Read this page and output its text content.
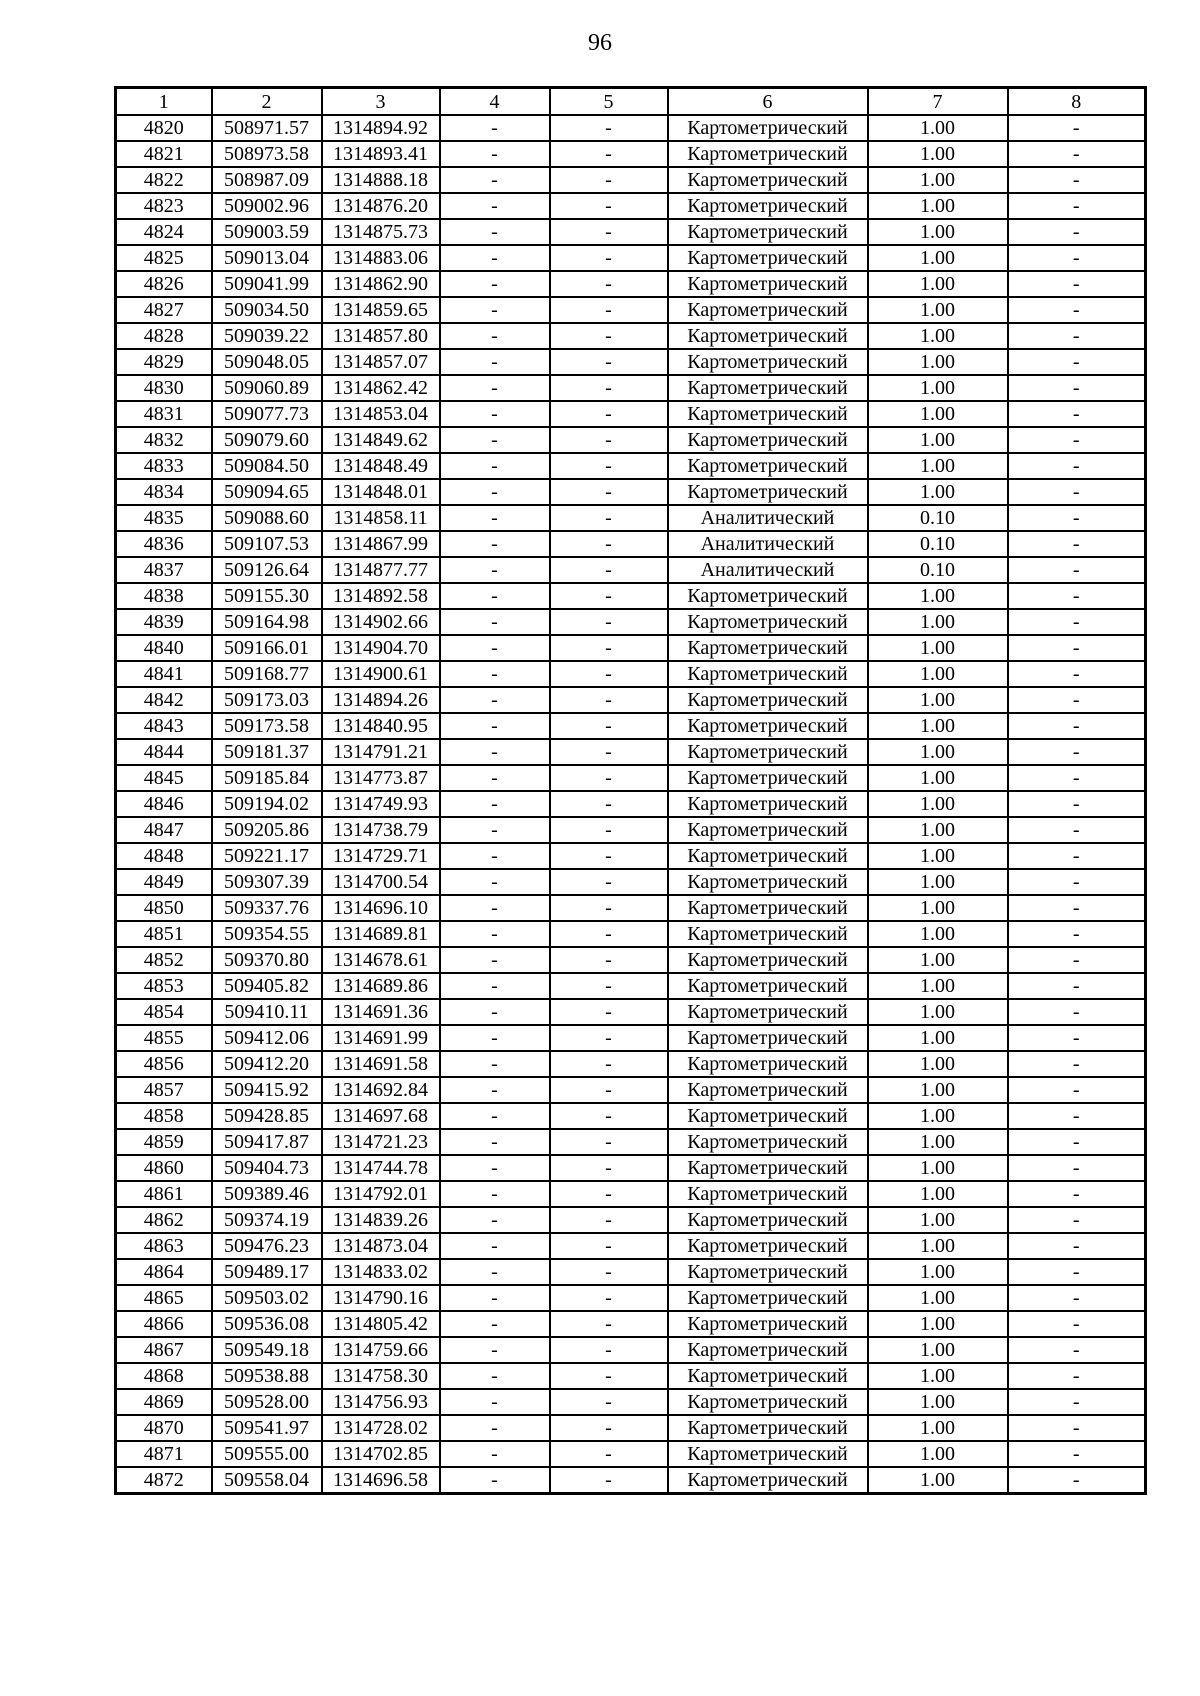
96
1	2	3	4	5	6	7	8
4820	508971.57	1314894.92	-	-	Картометрический	1.00	-
4821	508973.58	1314893.41	-	-	Картометрический	1.00	-
4822	508987.09	1314888.18	-	-	Картометрический	1.00	-
4823	509002.96	1314876.20	-	-	Картометрический	1.00	-
4824	509003.59	1314875.73	-	-	Картометрический	1.00	-
4825	509013.04	1314883.06	-	-	Картометрический	1.00	-
4826	509041.99	1314862.90	-	-	Картометрический	1.00	-
4827	509034.50	1314859.65	-	-	Картометрический	1.00	-
4828	509039.22	1314857.80	-	-	Картометрический	1.00	-
4829	509048.05	1314857.07	-	-	Картометрический	1.00	-
4830	509060.89	1314862.42	-	-	Картометрический	1.00	-
4831	509077.73	1314853.04	-	-	Картометрический	1.00	-
4832	509079.60	1314849.62	-	-	Картометрический	1.00	-
4833	509084.50	1314848.49	-	-	Картометрический	1.00	-
4834	509094.65	1314848.01	-	-	Картометрический	1.00	-
4835	509088.60	1314858.11	-	-	Аналитический	0.10	-
4836	509107.53	1314867.99	-	-	Аналитический	0.10	-
4837	509126.64	1314877.77	-	-	Аналитический	0.10	-
4838	509155.30	1314892.58	-	-	Картометрический	1.00	-
4839	509164.98	1314902.66	-	-	Картометрический	1.00	-
4840	509166.01	1314904.70	-	-	Картометрический	1.00	-
4841	509168.77	1314900.61	-	-	Картометрический	1.00	-
4842	509173.03	1314894.26	-	-	Картометрический	1.00	-
4843	509173.58	1314840.95	-	-	Картометрический	1.00	-
4844	509181.37	1314791.21	-	-	Картометрический	1.00	-
4845	509185.84	1314773.87	-	-	Картометрический	1.00	-
4846	509194.02	1314749.93	-	-	Картометрический	1.00	-
4847	509205.86	1314738.79	-	-	Картометрический	1.00	-
4848	509221.17	1314729.71	-	-	Картометрический	1.00	-
4849	509307.39	1314700.54	-	-	Картометрический	1.00	-
4850	509337.76	1314696.10	-	-	Картометрический	1.00	-
4851	509354.55	1314689.81	-	-	Картометрический	1.00	-
4852	509370.80	1314678.61	-	-	Картометрический	1.00	-
4853	509405.82	1314689.86	-	-	Картометрический	1.00	-
4854	509410.11	1314691.36	-	-	Картометрический	1.00	-
4855	509412.06	1314691.99	-	-	Картометрический	1.00	-
4856	509412.20	1314691.58	-	-	Картометрический	1.00	-
4857	509415.92	1314692.84	-	-	Картометрический	1.00	-
4858	509428.85	1314697.68	-	-	Картометрический	1.00	-
4859	509417.87	1314721.23	-	-	Картометрический	1.00	-
4860	509404.73	1314744.78	-	-	Картометрический	1.00	-
4861	509389.46	1314792.01	-	-	Картометрический	1.00	-
4862	509374.19	1314839.26	-	-	Картометрический	1.00	-
4863	509476.23	1314873.04	-	-	Картометрический	1.00	-
4864	509489.17	1314833.02	-	-	Картометрический	1.00	-
4865	509503.02	1314790.16	-	-	Картометрический	1.00	-
4866	509536.08	1314805.42	-	-	Картометрический	1.00	-
4867	509549.18	1314759.66	-	-	Картометрический	1.00	-
4868	509538.88	1314758.30	-	-	Картометрический	1.00	-
4869	509528.00	1314756.93	-	-	Картометрический	1.00	-
4870	509541.97	1314728.02	-	-	Картометрический	1.00	-
4871	509555.00	1314702.85	-	-	Картометрический	1.00	-
4872	509558.04	1314696.58	-	-	Картометрический	1.00	-
